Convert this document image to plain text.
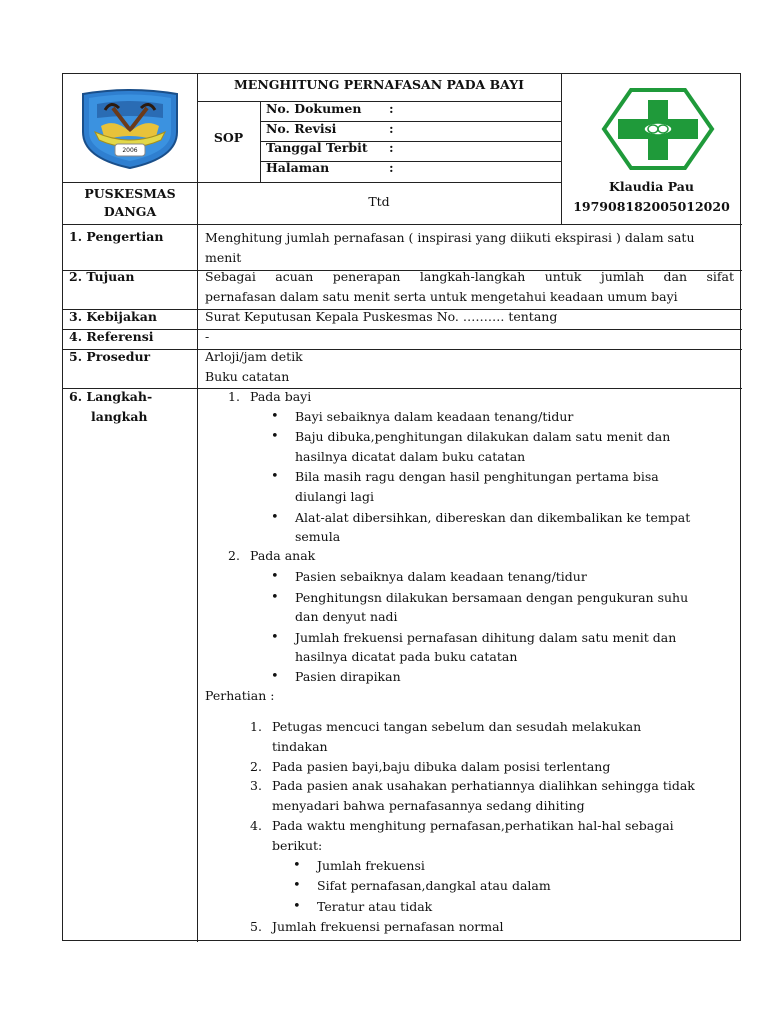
2006
MENGHITUNG PERNAFASAN PADA BAYI
SOP
No. Dokumen :
No. Revisi	:
Tanggal Terbit :
Halaman	:
PUSKESMAS
DANGA
Ttd
Klaudia Pau
197908182005012020
1. Pengertian	Menghitung jumlah pernafasan ( inspirasi yang diikuti ekspirasi ) dalam satu
menit
2. Tujuan	Sebagai acuan penerapan langkah-langkah untuk jumlah dan sifat
pernafasan dalam satu menit serta untuk mengetahui keadaan umum bayi
3. Kebijakan	Surat Keputusan Kepala Puskesmas No. ………. tentang
4. Referensi	-
5. Prosedur	Arloji/jam detik
Buku catatan
6. Langkah-
langkah
1. Pada bayi
• Bayi sebaiknya dalam keadaan tenang/tidur
• Baju dibuka,penghitungan dilakukan dalam satu menit dan
hasilnya dicatat dalam buku catatan
• Bila masih ragu dengan hasil penghitungan pertama bisa
diulangi lagi
• Alat-alat dibersihkan, dibereskan dan dikembalikan ke tempat
semula
2. Pada anak
• Pasien sebaiknya dalam keadaan tenang/tidur
• Penghitungsn dilakukan bersamaan dengan pengukuran suhu
dan denyut nadi
• Jumlah frekuensi pernafasan dihitung dalam satu menit dan
hasilnya dicatat pada buku catatan
• Pasien dirapikan
Perhatian :
1. Petugas mencuci tangan sebelum dan sesudah melakukan
tindakan
2. Pada pasien bayi,baju dibuka dalam posisi terlentang
3. Pada pasien anak usahakan perhatiannya dialihkan sehingga tidak
menyadari bahwa pernafasannya sedang dihiting
4. Pada waktu menghitung pernafasan,perhatikan hal-hal sebagai
berikut:
• Jumlah frekuensi
• Sifat pernafasan,dangkal atau dalam
• Teratur atau tidak
5. Jumlah frekuensi pernafasan normal
